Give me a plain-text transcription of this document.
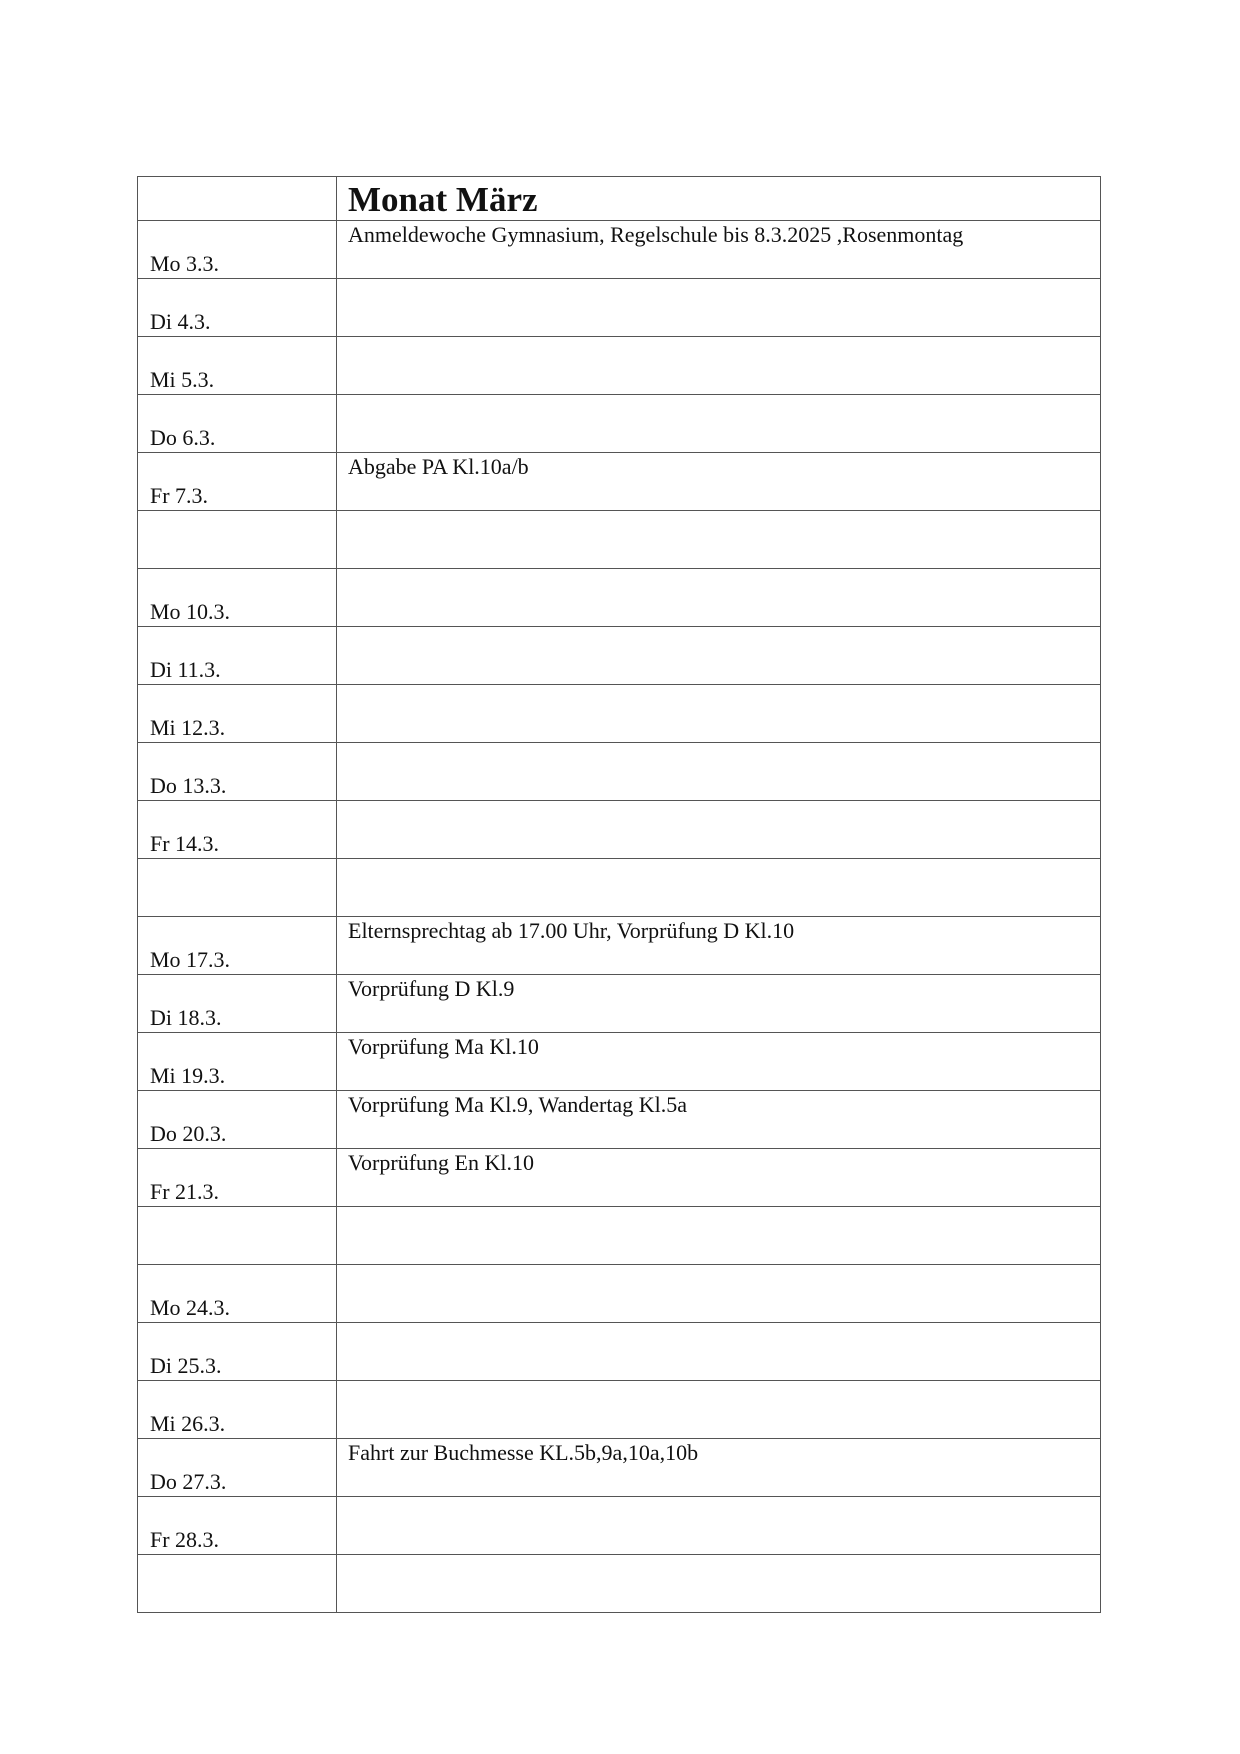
	Monat März

Mo 3.3.	Anmeldewoche Gymnasium, Regelschule bis 8.3.2025 ,Rosenmontag

Di 4.3.	

Mi 5.3.	

Do 6.3.	

Fr 7.3.	Abgabe PA Kl.10a/b

Mo 10.3.	

Di 11.3.	

Mi 12.3.	

Do 13.3.	

Fr 14.3.	

Mo 17.3.	Elternsprechtag ab 17.00 Uhr, Vorprüfung D Kl.10

Di 18.3.	Vorprüfung D Kl.9

Mi 19.3.	Vorprüfung Ma Kl.10

Do 20.3.	Vorprüfung Ma Kl.9, Wandertag Kl.5a

Fr 21.3.	Vorprüfung En Kl.10

Mo 24.3.	

Di 25.3.	

Mi 26.3.	

Do 27.3.	Fahrt zur Buchmesse KL.5b,9a,10a,10b

Fr 28.3.	
